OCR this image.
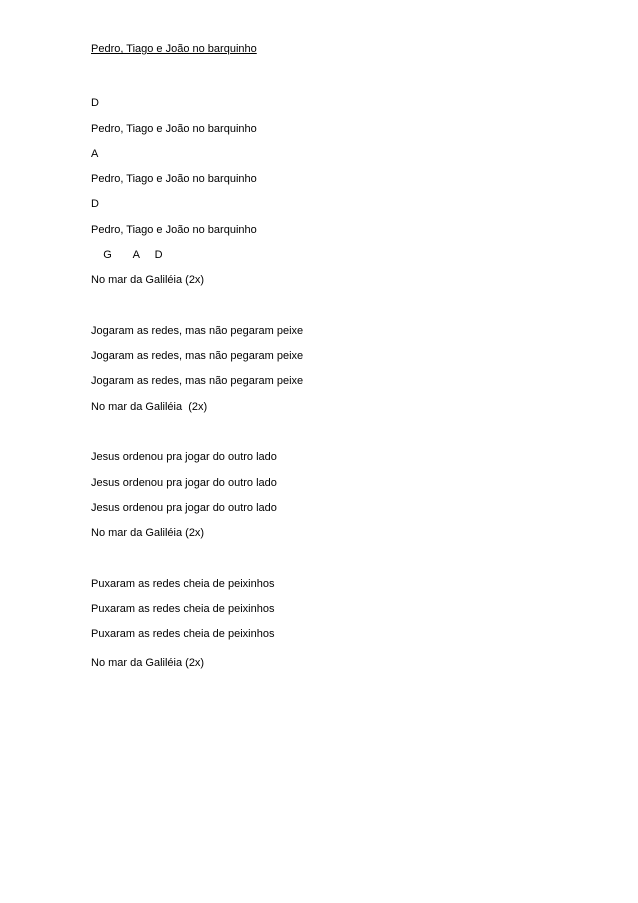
Pedro, Tiago e João no barquinho
D
Pedro, Tiago e João no barquinho
A
Pedro, Tiago e João no barquinho
D
Pedro, Tiago e João no barquinho
G       A     D
No mar da Galiléia (2x)
Jogaram as redes, mas não pegaram peixe
Jogaram as redes, mas não pegaram peixe
Jogaram as redes, mas não pegaram peixe
No mar da Galiléia  (2x)
Jesus ordenou pra jogar do outro lado
Jesus ordenou pra jogar do outro lado
Jesus ordenou pra jogar do outro lado
No mar da Galiléia (2x)
Puxaram as redes cheia de peixinhos
Puxaram as redes cheia de peixinhos
Puxaram as redes cheia de peixinhos
No mar da Galiléia (2x)
